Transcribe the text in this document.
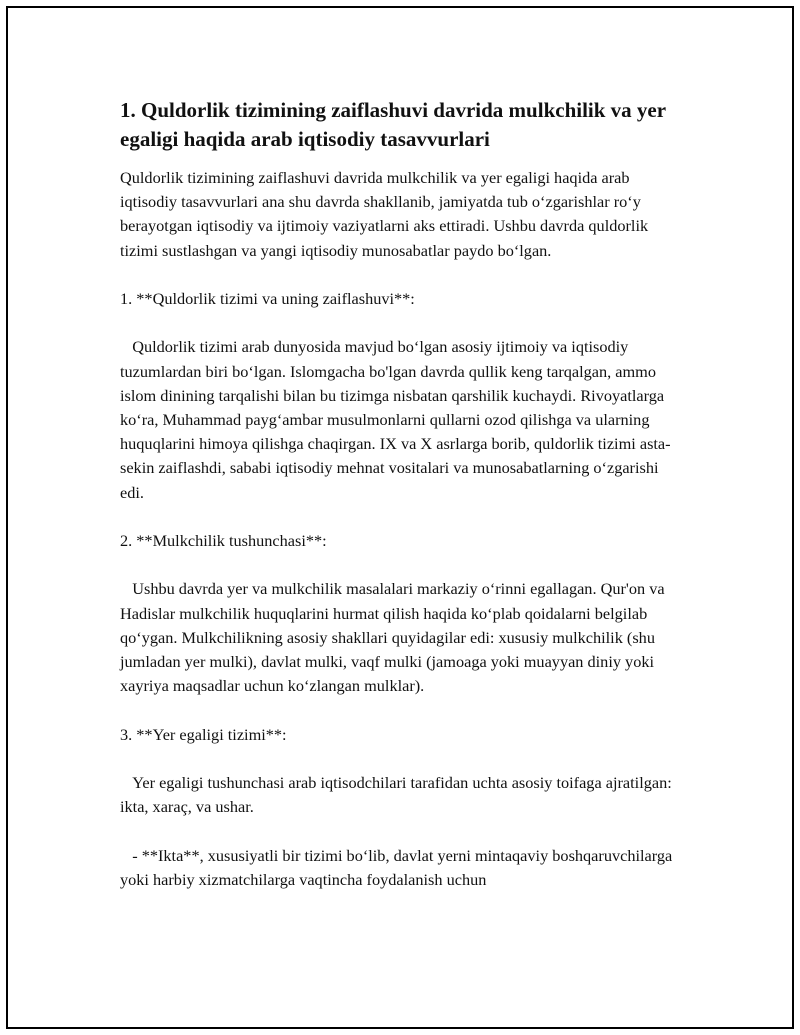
1. Quldorlik tizimining zaiflashuvi davrida mulkchilik va yer egaligi haqida arab iqtisodiy tasavvurlari

Quldorlik tizimining zaiflashuvi davrida mulkchilik va yer egaligi haqida arab iqtisodiy tasavvurlari ana shu davrda shakllanib, jamiyatda tub o‘zgarishlar ro‘y berayotgan iqtisodiy va ijtimoiy vaziyatlarni aks ettiradi. Ushbu davrda quldorlik tizimi sustlashgan va yangi iqtisodiy munosabatlar paydo bo‘lgan.

1. **Quldorlik tizimi va uning zaiflashuvi**:

Quldorlik tizimi arab dunyosida mavjud bo‘lgan asosiy ijtimoiy va iqtisodiy tuzumlardan biri bo‘lgan. Islomgacha bo'lgan davrda qullik keng tarqalgan, ammo islom dinining tarqalishi bilan bu tizimga nisbatan qarshilik kuchaydi. Rivoyatlarga ko‘ra, Muhammad payg‘ambar musulmonlarni qullarni ozod qilishga va ularning huquqlarini himoya qilishga chaqirgan. IX va X asrlarga borib, quldorlik tizimi asta-sekin zaiflashdi, sababi iqtisodiy mehnat vositalari va munosabatlarning o‘zgarishi edi.

2. **Mulkchilik tushunchasi**:

Ushbu davrda yer va mulkchilik masalalari markaziy o‘rinni egallagan. Qur'on va Hadislar mulkchilik huquqlarini hurmat qilish haqida ko‘plab qoidalarni belgilab qo‘ygan. Mulkchilikning asosiy shakllari quyidagilar edi: xususiy mulkchilik (shu jumladan yer mulki), davlat mulki, vaqf mulki (jamoaga yoki muayyan diniy yoki xayriya maqsadlar uchun ko‘zlangan mulklar).

3. **Yer egaligi tizimi**:

Yer egaligi tushunchasi arab iqtisodchilari tarafidan uchta asosiy toifaga ajratilgan: ikta, xaraç, va ushar.

- **Ikta**, xususiyatli bir tizimi bo‘lib, davlat yerni mintaqaviy boshqaruvchilarga yoki harbiy xizmatchilarga vaqtincha foydalanish uchun
